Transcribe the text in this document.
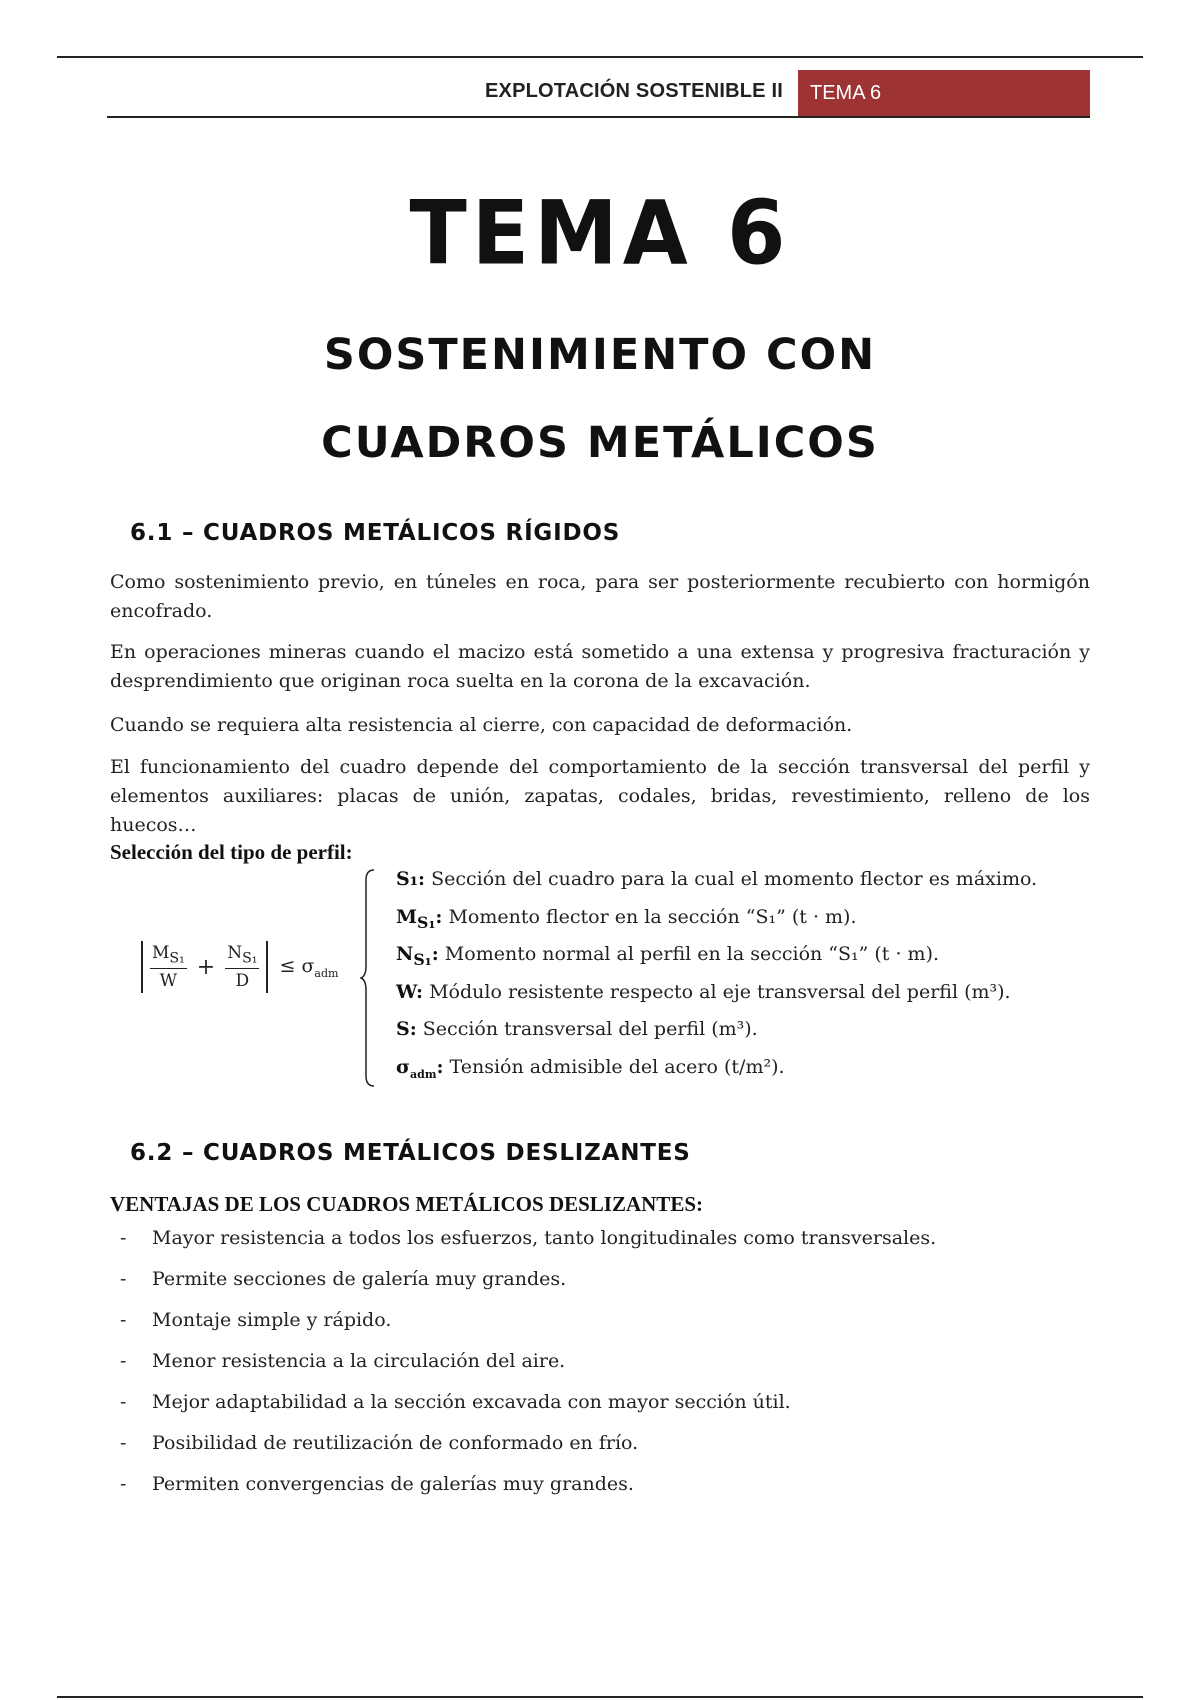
EXPLOTACIÓN SOSTENIBLE II	TEMA 6
TEMA 6
SOSTENIMIENTO CON
CUADROS METÁLICOS
6.1 – CUADROS METÁLICOS RÍGIDOS
Como sostenimiento previo, en túneles en roca, para ser posteriormente recubierto con hormigón encofrado.
En operaciones mineras cuando el macizo está sometido a una extensa y progresiva fracturación y desprendimiento que originan roca suelta en la corona de la excavación.
Cuando se requiera alta resistencia al cierre, con capacidad de deformación.
El funcionamiento del cuadro depende del comportamiento de la sección transversal del perfil y elementos auxiliares: placas de unión, zapatas, codales, bridas, revestimiento, relleno de los huecos…
Selección del tipo de perfil:
$\frac{M_{S_1}}{W} + \frac{N_{S_1}}{D} \le \sigma_{adm}$
S₁: Sección del cuadro para la cual el momento flector es máximo.
$M_{S_1}$: Momento flector en la sección “S₁” (t · m).
$N_{S_1}$: Momento normal al perfil en la sección “S₁” (t · m).
W: Módulo resistente respecto al eje transversal del perfil (m³).
S: Sección transversal del perfil (m³).
$\sigma_{adm}$: Tensión admisible del acero (t/m²).
6.2 – CUADROS METÁLICOS DESLIZANTES
VENTAJAS DE LOS CUADROS METÁLICOS DESLIZANTES:
-	Mayor resistencia a todos los esfuerzos, tanto longitudinales como transversales.
-	Permite secciones de galería muy grandes.
-	Montaje simple y rápido.
-	Menor resistencia a la circulación del aire.
-	Mejor adaptabilidad a la sección excavada con mayor sección útil.
-	Posibilidad de reutilización de conformado en frío.
-	Permiten convergencias de galerías muy grandes.
